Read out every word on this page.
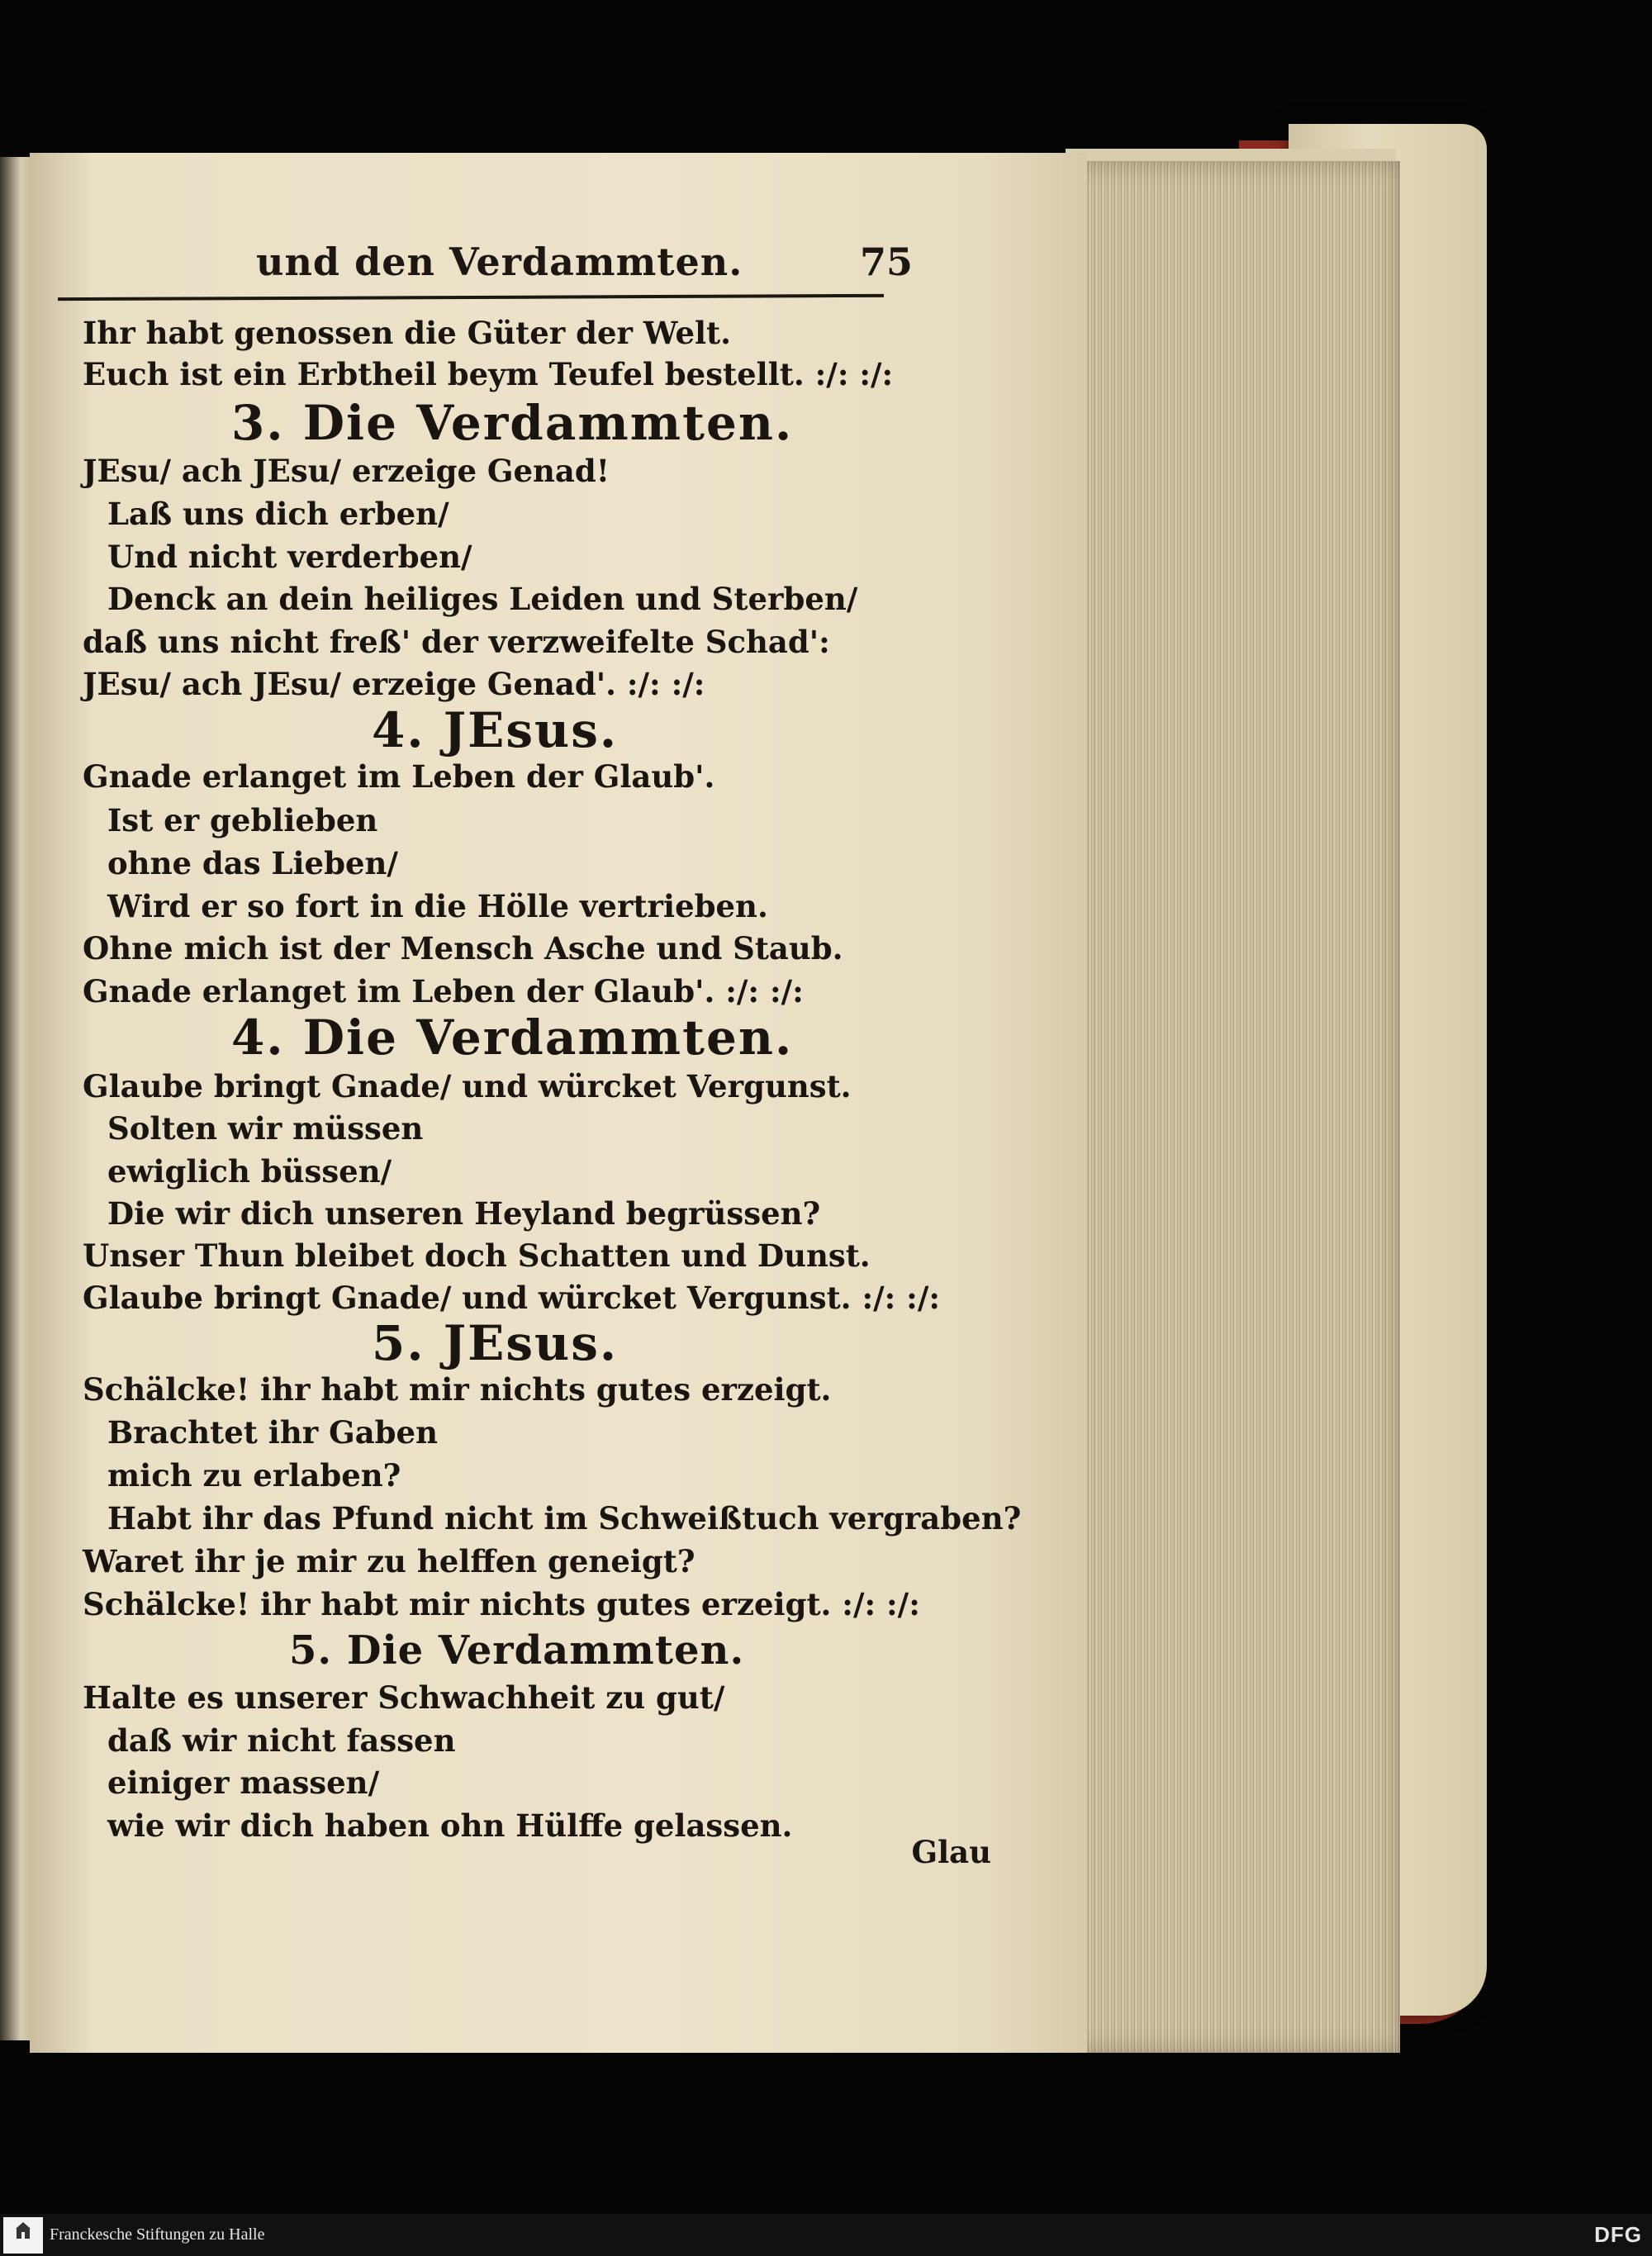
und den Verdammten.	75
Ihr habt genossen die Güter der Welt.
Euch ist ein Erbtheil beym Teufel bestellt. :/: :/:
3. Die Verdammten.
JEsu/ ach JEsu/ erzeige Genad!
Laß uns dich erben/
Und nicht verderben/
Denck an dein heiliges Leiden und Sterben/
daß uns nicht freß' der verzweifelte Schad':
JEsu/ ach JEsu/ erzeige Genad'. :/: :/:
4. JEsus.
Gnade erlanget im Leben der Glaub'.
Ist er geblieben
ohne das Lieben/
Wird er so fort in die Hölle vertrieben.
Ohne mich ist der Mensch Asche und Staub.
Gnade erlanget im Leben der Glaub'. :/: :/:
4. Die Verdammten.
Glaube bringt Gnade/ und würcket Vergunst.
Solten wir müssen
ewiglich büssen/
Die wir dich unseren Heyland begrüssen?
Unser Thun bleibet doch Schatten und Dunst.
Glaube bringt Gnade/ und würcket Vergunst. :/: :/:
5. JEsus.
Schälcke! ihr habt mir nichts gutes erzeigt.
Brachtet ihr Gaben
mich zu erlaben?
Habt ihr das Pfund nicht im Schweißtuch vergraben?
Waret ihr je mir zu helffen geneigt?
Schälcke! ihr habt mir nichts gutes erzeigt. :/: :/:
5. Die Verdammten.
Halte es unserer Schwachheit zu gut/
daß wir nicht fassen
einiger massen/
wie wir dich haben ohn Hülffe gelassen.
Glau
Franckesche Stiftungen zu Halle	DFG
